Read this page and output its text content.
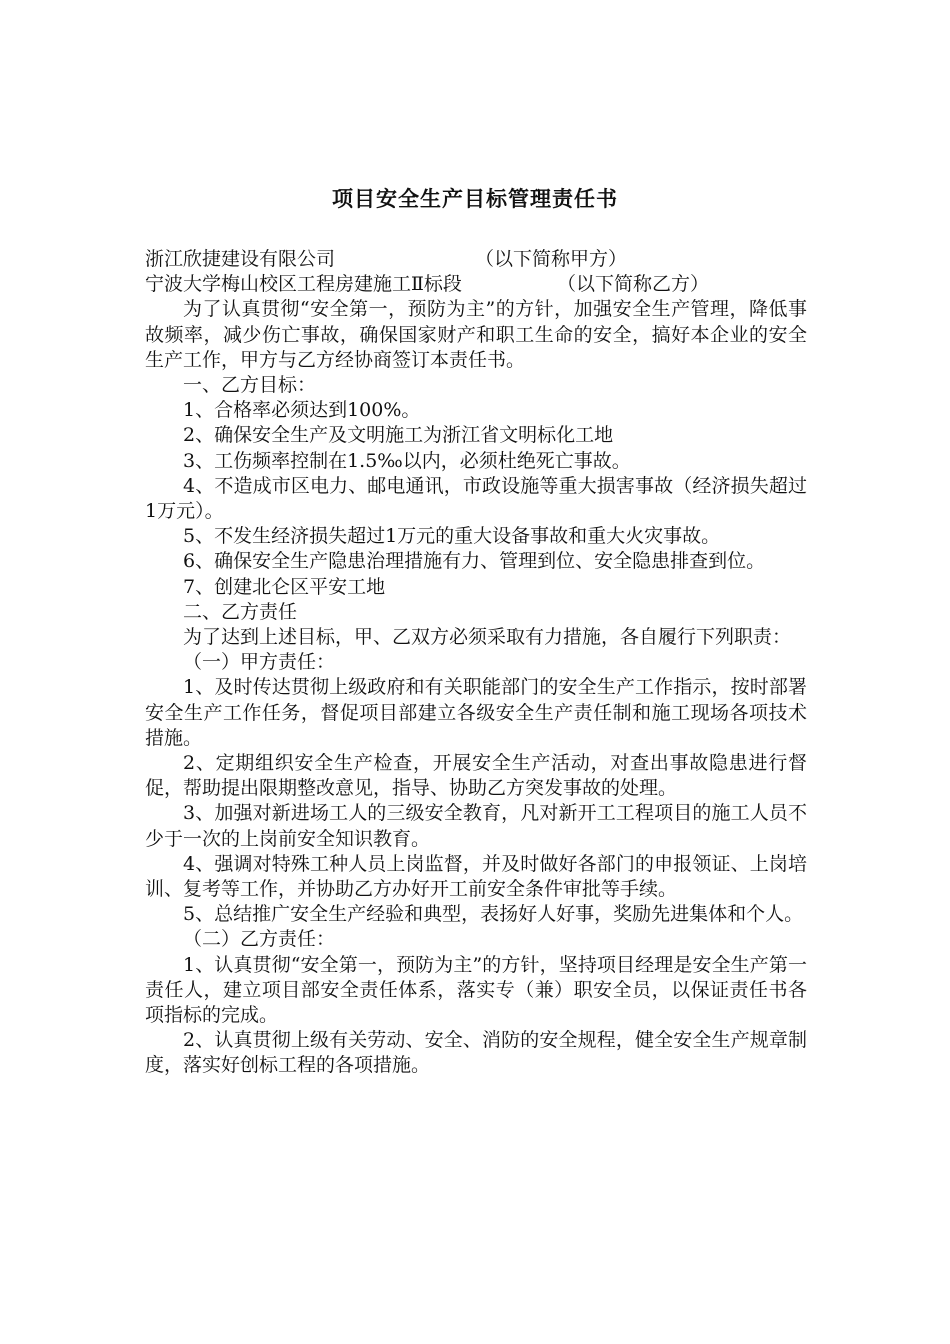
项目安全生产目标管理责任书
浙江欣捷建设有限公司	（以下简称甲方）
宁波大学梅山校区工程房建施工Ⅱ标段	（以下简称乙方）

为了认真贯彻“安全第一，预防为主”的方针，加强安全生产管理，降低事故频率，减少伤亡事故，确保国家财产和职工生命的安全，搞好本企业的安全生产工作，甲方与乙方经协商签订本责任书。

一、乙方目标：

1、合格率必须达到100%。

2、确保安全生产及文明施工为浙江省文明标化工地

3、工伤频率控制在1.5‰以内，必须杜绝死亡事故。

4、不造成市区电力、邮电通讯，市政设施等重大损害事故（经济损失超过1万元）。

5、不发生经济损失超过1万元的重大设备事故和重大火灾事故。

6、确保安全生产隐患治理措施有力、管理到位、安全隐患排查到位。

7、创建北仑区平安工地

二、乙方责任

为了达到上述目标，甲、乙双方必须采取有力措施，各自履行下列职责：

（一）甲方责任：

1、及时传达贯彻上级政府和有关职能部门的安全生产工作指示，按时部署安全生产工作任务，督促项目部建立各级安全生产责任制和施工现场各项技术措施。

2、定期组织安全生产检查，开展安全生产活动，对查出事故隐患进行督促，帮助提出限期整改意见，指导、协助乙方突发事故的处理。

3、加强对新进场工人的三级安全教育，凡对新开工工程项目的施工人员不少于一次的上岗前安全知识教育。

4、强调对特殊工种人员上岗监督，并及时做好各部门的申报领证、上岗培训、复考等工作，并协助乙方办好开工前安全条件审批等手续。

5、总结推广安全生产经验和典型，表扬好人好事，奖励先进集体和个人。

（二）乙方责任：

1、认真贯彻“安全第一，预防为主”的方针，坚持项目经理是安全生产第一责任人，建立项目部安全责任体系，落实专（兼）职安全员，以保证责任书各项指标的完成。

2、认真贯彻上级有关劳动、安全、消防的安全规程，健全安全生产规章制度，落实好创标工程的各项措施。
